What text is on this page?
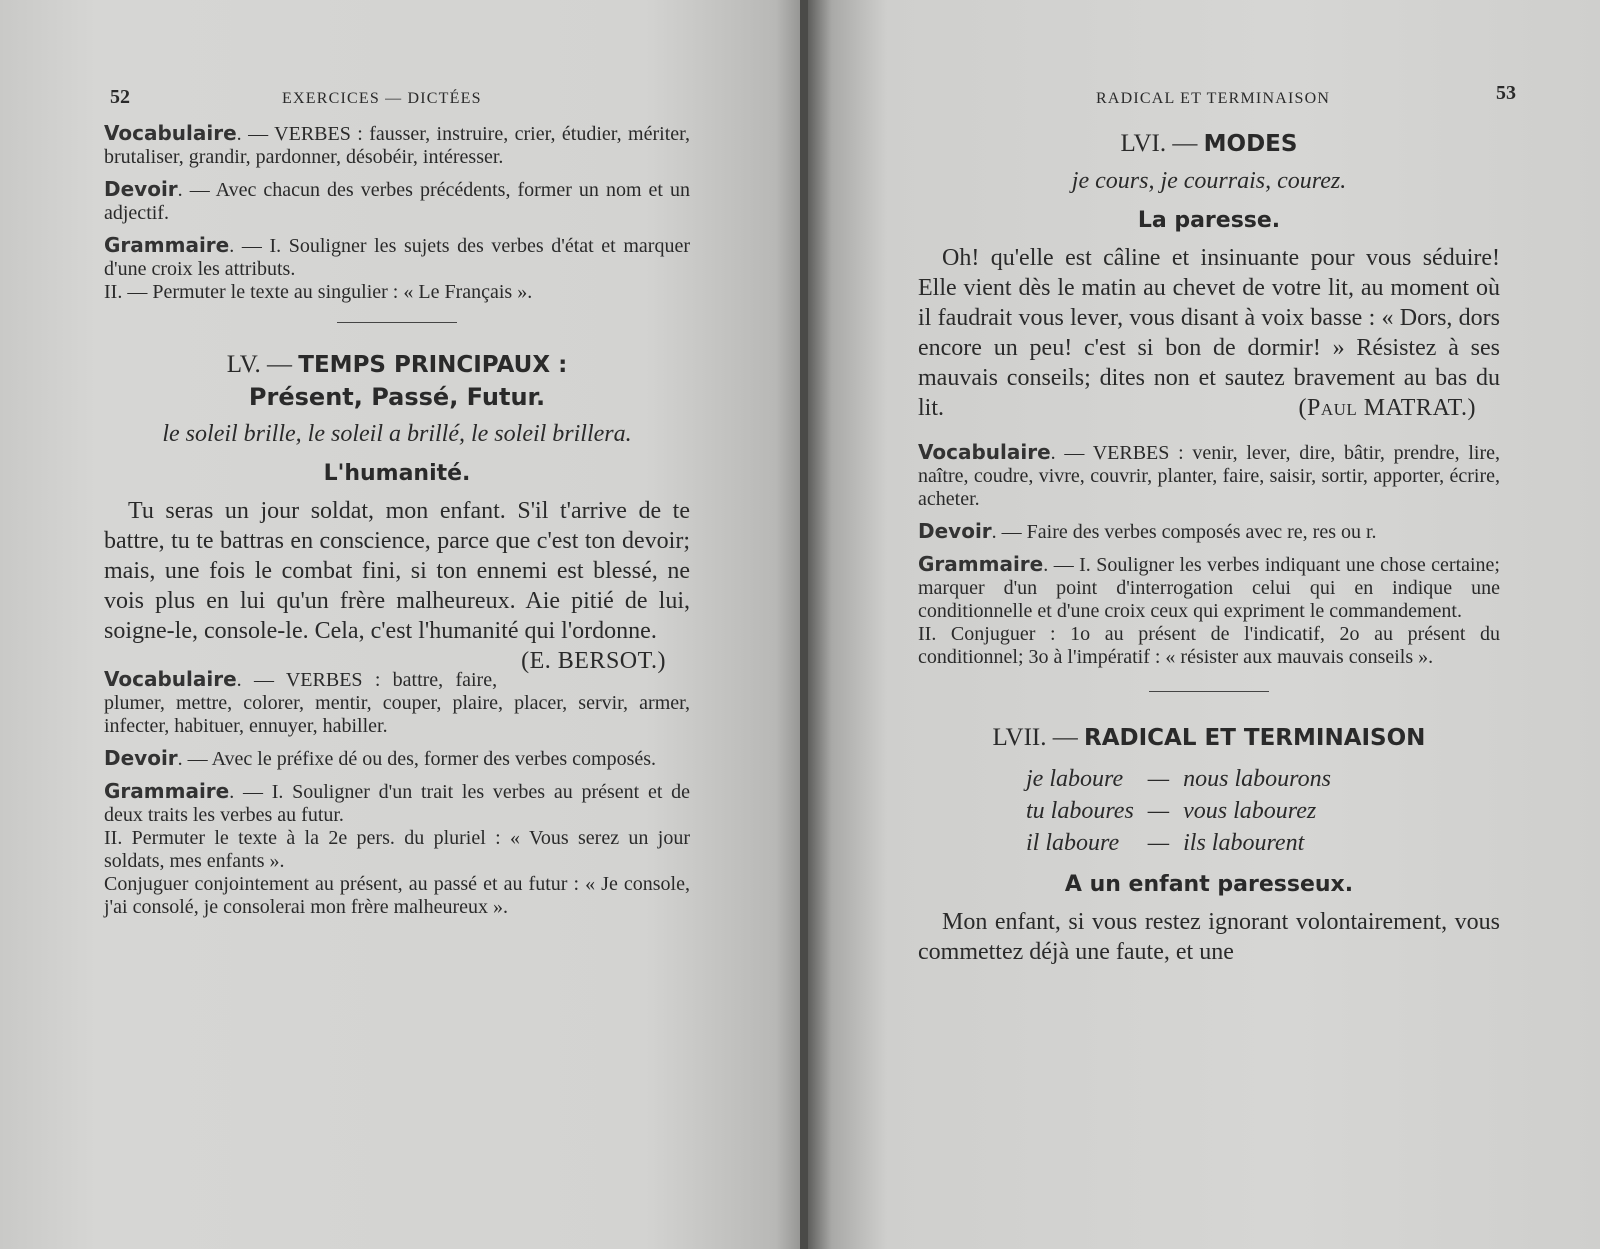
52	EXERCICES — DICTÉES

Vocabulaire. — VERBES : fausser, instruire, crier, étudier, mériter, brutaliser, grandir, pardonner, désobéir, intéresser.

Devoir. — Avec chacun des verbes précédents, former un nom et un adjectif.

Grammaire. — I. Souligner les sujets des verbes d'état et marquer d'une croix les attributs.

II. — Permuter le texte au singulier : « Le Français ».

LV. — TEMPS PRINCIPAUX :

Présent, Passé, Futur.

le soleil brille, le soleil a brillé, le soleil brillera.

L'humanité.

Tu seras un jour soldat, mon enfant. S'il t'arrive de te battre, tu te battras en conscience, parce que c'est ton devoir; mais, une fois le combat fini, si ton ennemi est blessé, ne vois plus en lui qu'un frère malheureux. Aie pitié de lui, soigne-le, console-le. Cela, c'est l'humanité qui l'ordonne.
(E. BERSOT.)

Vocabulaire. — VERBES : battre, faire, plumer, mettre, colorer, mentir, couper, plaire, placer, servir, armer, infecter, habituer, ennuyer, habiller.

Devoir. — Avec le préfixe dé ou des, former des verbes composés.

Grammaire. — I. Souligner d'un trait les verbes au présent et de deux traits les verbes au futur.

II. Permuter le texte à la 2e pers. du pluriel : « Vous serez un jour soldats, mes enfants ».

Conjuguer conjointement au présent, au passé et au futur : « Je console, j'ai consolé, je consolerai mon frère malheureux ».

RADICAL ET TERMINAISON	53

LVI. — MODES

je cours, je courrais, courez.

La paresse.

Oh! qu'elle est câline et insinuante pour vous séduire! Elle vient dès le matin au chevet de votre lit, au moment où il faudrait vous lever, vous disant à voix basse : « Dors, dors encore un peu! c'est si bon de dormir! » Résistez à ses mauvais conseils; dites non et sautez bravement au bas du lit.	(Paul MATRAT.)

Vocabulaire. — VERBES : venir, lever, dire, bâtir, prendre, lire, naître, coudre, vivre, couvrir, planter, faire, saisir, sortir, apporter, écrire, acheter.

Devoir. — Faire des verbes composés avec re, res ou r.

Grammaire. — I. Souligner les verbes indiquant une chose certaine; marquer d'un point d'interrogation celui qui en indique une conditionnelle et d'une croix ceux qui expriment le commandement.

II. Conjuguer : 1o au présent de l'indicatif, 2o au présent du conditionnel; 3o à l'impératif : « résister aux mauvais conseils ».

LVII. — RADICAL ET TERMINAISON

je laboure	—	nous labourons
tu laboures	—	vous labourez
il laboure	—	ils labourent

A un enfant paresseux.

Mon enfant, si vous restez ignorant volontairement, vous commettez déjà une faute, et une
